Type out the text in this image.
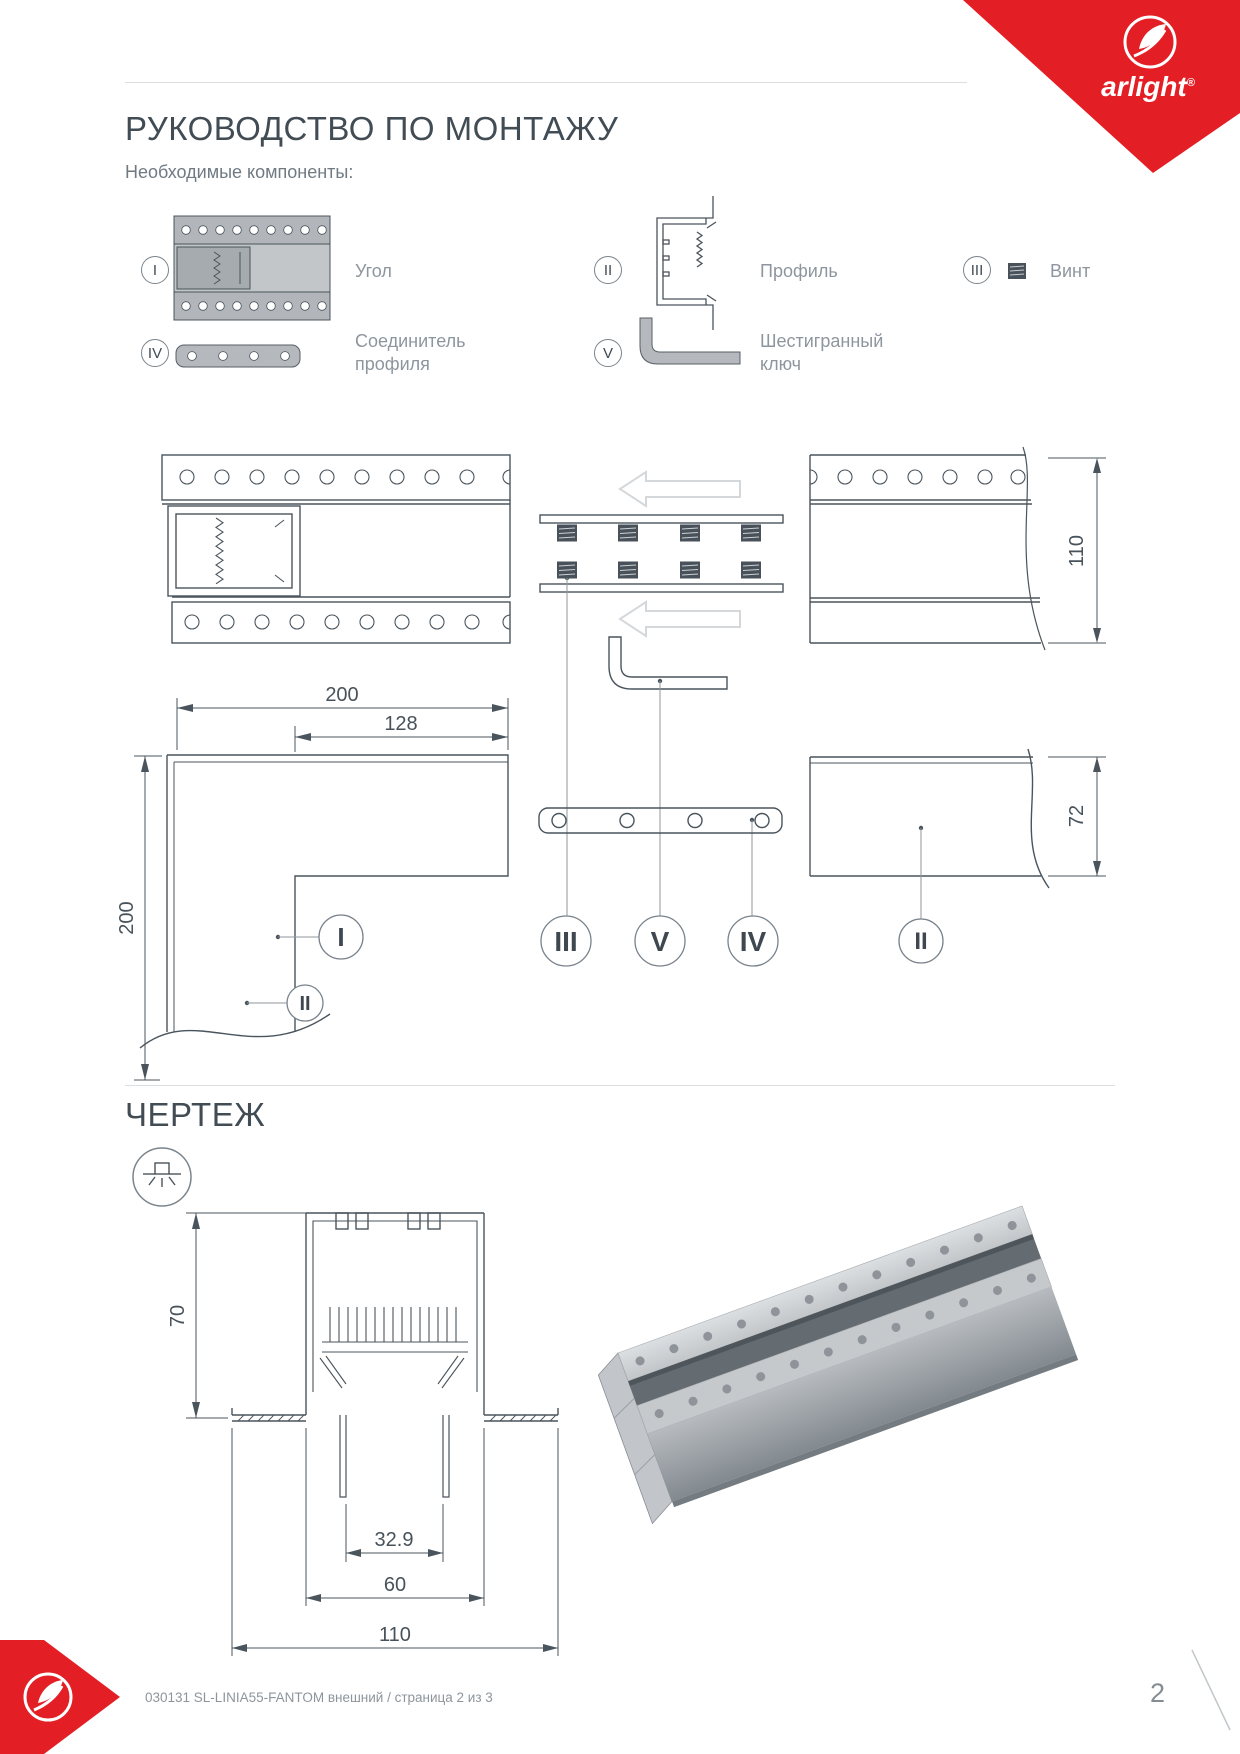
arlight®
РУКОВОДСТВО ПО МОНТАЖУ
Необходимые компоненты:
I	II	III
IV	V
Угол	Профиль	Винт
Соединитель профиля
Шестигранный ключ
110
III	V	IV
200
128
200
I
II
72
II
ЧЕРТЕЖ
70
32.9
60
110
030131 SL-LINIA55-FANTOM внешний / страница 2 из 3	2
